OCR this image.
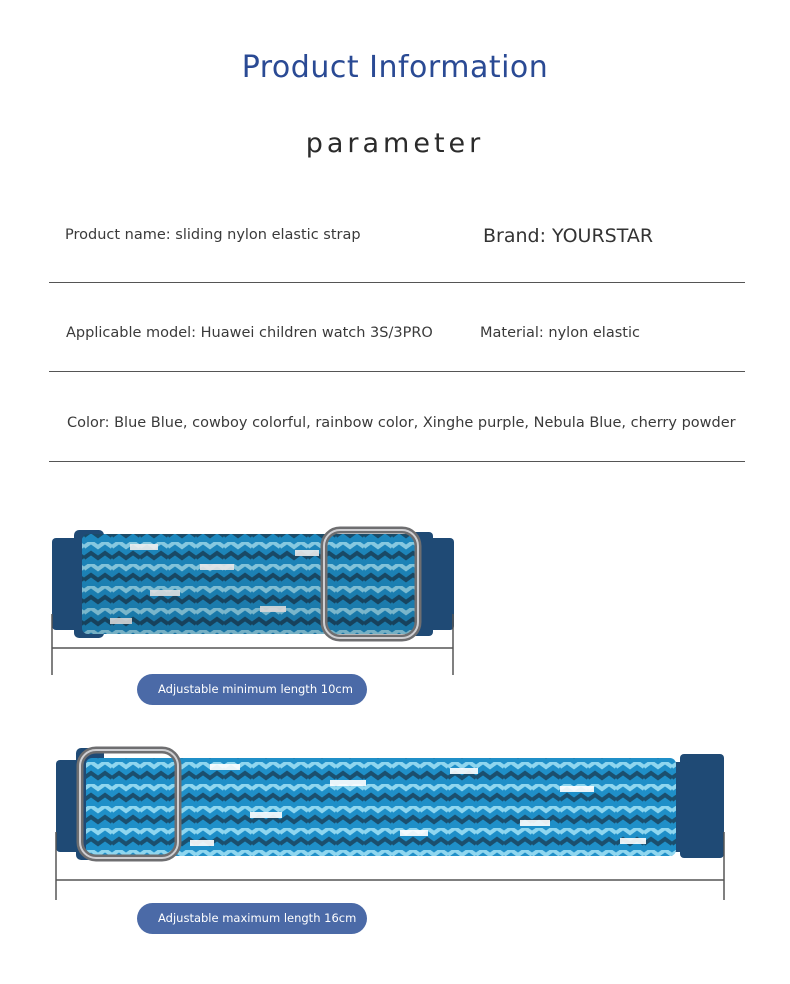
Product Information
parameter
Product name: sliding nylon elastic strap	Brand: YOURSTAR
Applicable model: Huawei children watch 3S/3PRO	Material: nylon elastic
Color: Blue Blue, cowboy colorful, rainbow color, Xinghe purple, Nebula Blue, cherry powder
Adjustable minimum length 10cm
Adjustable maximum length 16cm
